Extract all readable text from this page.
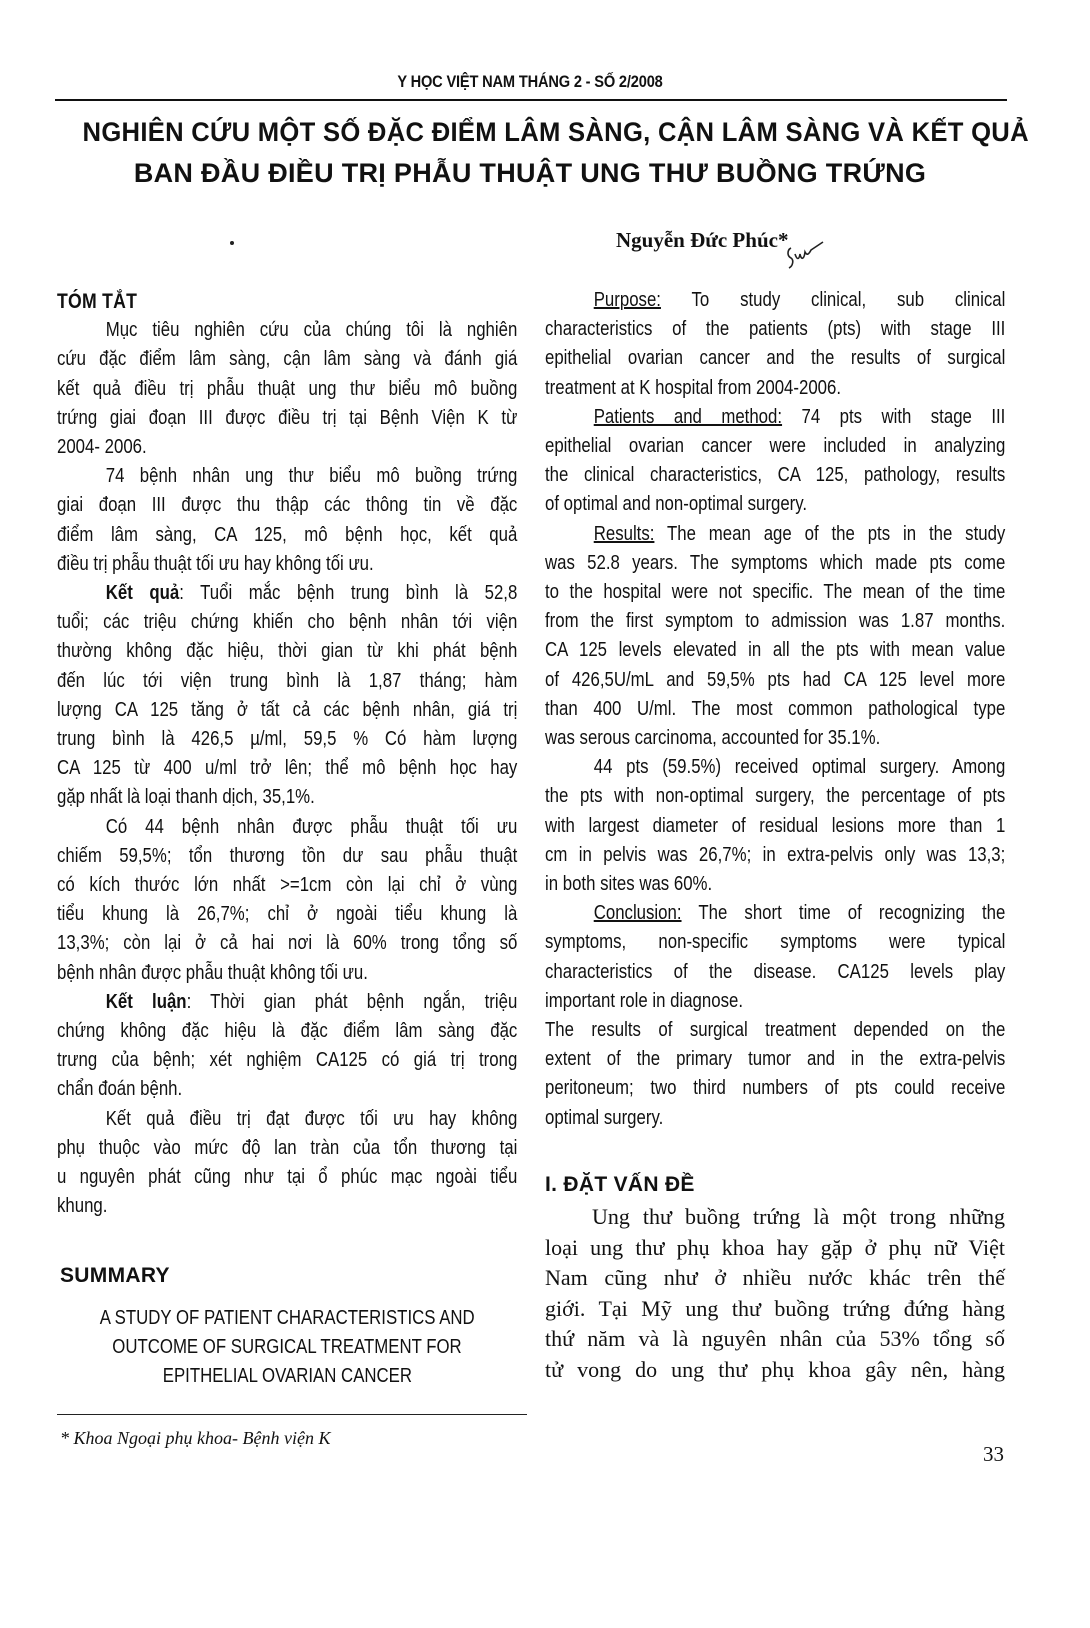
Y HỌC VIỆT NAM THÁNG 2 - SỐ 2/2008
NGHIÊN CỨU MỘT SỐ ĐẶC ĐIỂM LÂM SÀNG, CẬN LÂM SÀNG VÀ KẾT QUẢ
BAN ĐẦU ĐIỀU TRỊ PHẪU THUẬT UNG THƯ BUỒNG TRỨNG
Nguyễn Đức Phúc*
TÓM TẮT
Mục tiêu nghiên cứu của chúng tôi là nghiên
cứu đặc điểm lâm sàng, cận lâm sàng và đánh giá
kết quả điều trị phẫu thuật ung thư biểu mô buồng
trứng giai đoạn III được điều trị tại Bệnh Viện K từ
2004- 2006.
74 bệnh nhân ung thư biểu mô buồng trứng
giai đoạn III được thu thập các thông tin về đặc
điểm lâm sàng, CA 125, mô bệnh học, kết quả
điều trị phẫu thuật tối ưu hay không tối ưu.
Kết quả: Tuổi mắc bệnh trung bình là 52,8
tuổi; các triệu chứng khiến cho bệnh nhân tới viện
thường không đặc hiệu, thời gian từ khi phát bệnh
đến lúc tới viện trung bình là 1,87 tháng; hàm
lượng CA 125 tăng ở tất cả các bệnh nhân, giá trị
trung bình là 426,5 µ/ml, 59,5 % Có hàm lượng
CA 125 từ 400 u/ml trở lên; thể mô bệnh học hay
gặp nhất là loại thanh dịch, 35,1%.
Có 44 bệnh nhân được phẫu thuật tối ưu
chiếm 59,5%; tổn thương tồn dư sau phẫu thuật
có kích thước lớn nhất >=1cm còn lại chỉ ở vùng
tiểu khung là 26,7%; chỉ ở ngoài tiểu khung là
13,3%; còn lại ở cả hai nơi là 60% trong tổng số
bệnh nhân được phẫu thuật không tối ưu.
Kết luận: Thời gian phát bệnh ngắn, triệu
chứng không đặc hiệu là đặc điểm lâm sàng đặc
trưng của bệnh; xét nghiệm CA125 có giá trị trong
chẩn đoán bệnh.
Kết quả điều trị đạt được tối ưu hay không
phụ thuộc vào mức độ lan tràn của tổn thương tại
u nguyên phát cũng như tại ổ phúc mạc ngoài tiểu
khung.
SUMMARY
A STUDY OF PATIENT CHARACTERISTICS AND
OUTCOME OF SURGICAL TREATMENT FOR
EPITHELIAL OVARIAN CANCER
Purpose: To study clinical, sub clinical
characteristics of the patients (pts) with stage III
epithelial ovarian cancer and the results of surgical
treatment at K hospital from 2004-2006.
Patients and method: 74 pts with stage III
epithelial ovarian cancer were included in analyzing
the clinical characteristics, CA 125, pathology, results
of optimal and non-optimal surgery.
Results: The mean age of the pts in the study
was 52.8 years. The symptoms which made pts come
to the hospital were not specific. The mean of the time
from the first symptom to admission was 1.87 months.
CA 125 levels elevated in all the pts with mean value
of 426,5U/mL and 59,5% pts had CA 125 level more
than 400 U/ml. The most common pathological type
was serous carcinoma, accounted for 35.1%.
44 pts (59.5%) received optimal surgery. Among
the pts with non-optimal surgery, the percentage of pts
with largest diameter of residual lesions more than 1
cm in pelvis was 26,7%; in extra-pelvis only was 13,3;
in both sites was 60%.
Conclusion: The short time of recognizing the
symptoms, non-specific symptoms were typical
characteristics of the disease. CA125 levels play
important role in diagnose.
The results of surgical treatment depended on the
extent of the primary tumor and in the extra-pelvis
peritoneum; two third numbers of pts could receive
optimal surgery.
I. ĐẶT VẤN ĐỀ
Ung thư buồng trứng là một trong những
loại ung thư phụ khoa hay gặp ở phụ nữ Việt
Nam cũng như ở nhiều nước khác trên thế
giới. Tại Mỹ ung thư buồng trứng đứng hàng
thứ năm và là nguyên nhân của 53% tổng số
tử vong do ung thư phụ khoa gây nên, hàng
* Khoa Ngoại phụ khoa- Bệnh viện K
33
